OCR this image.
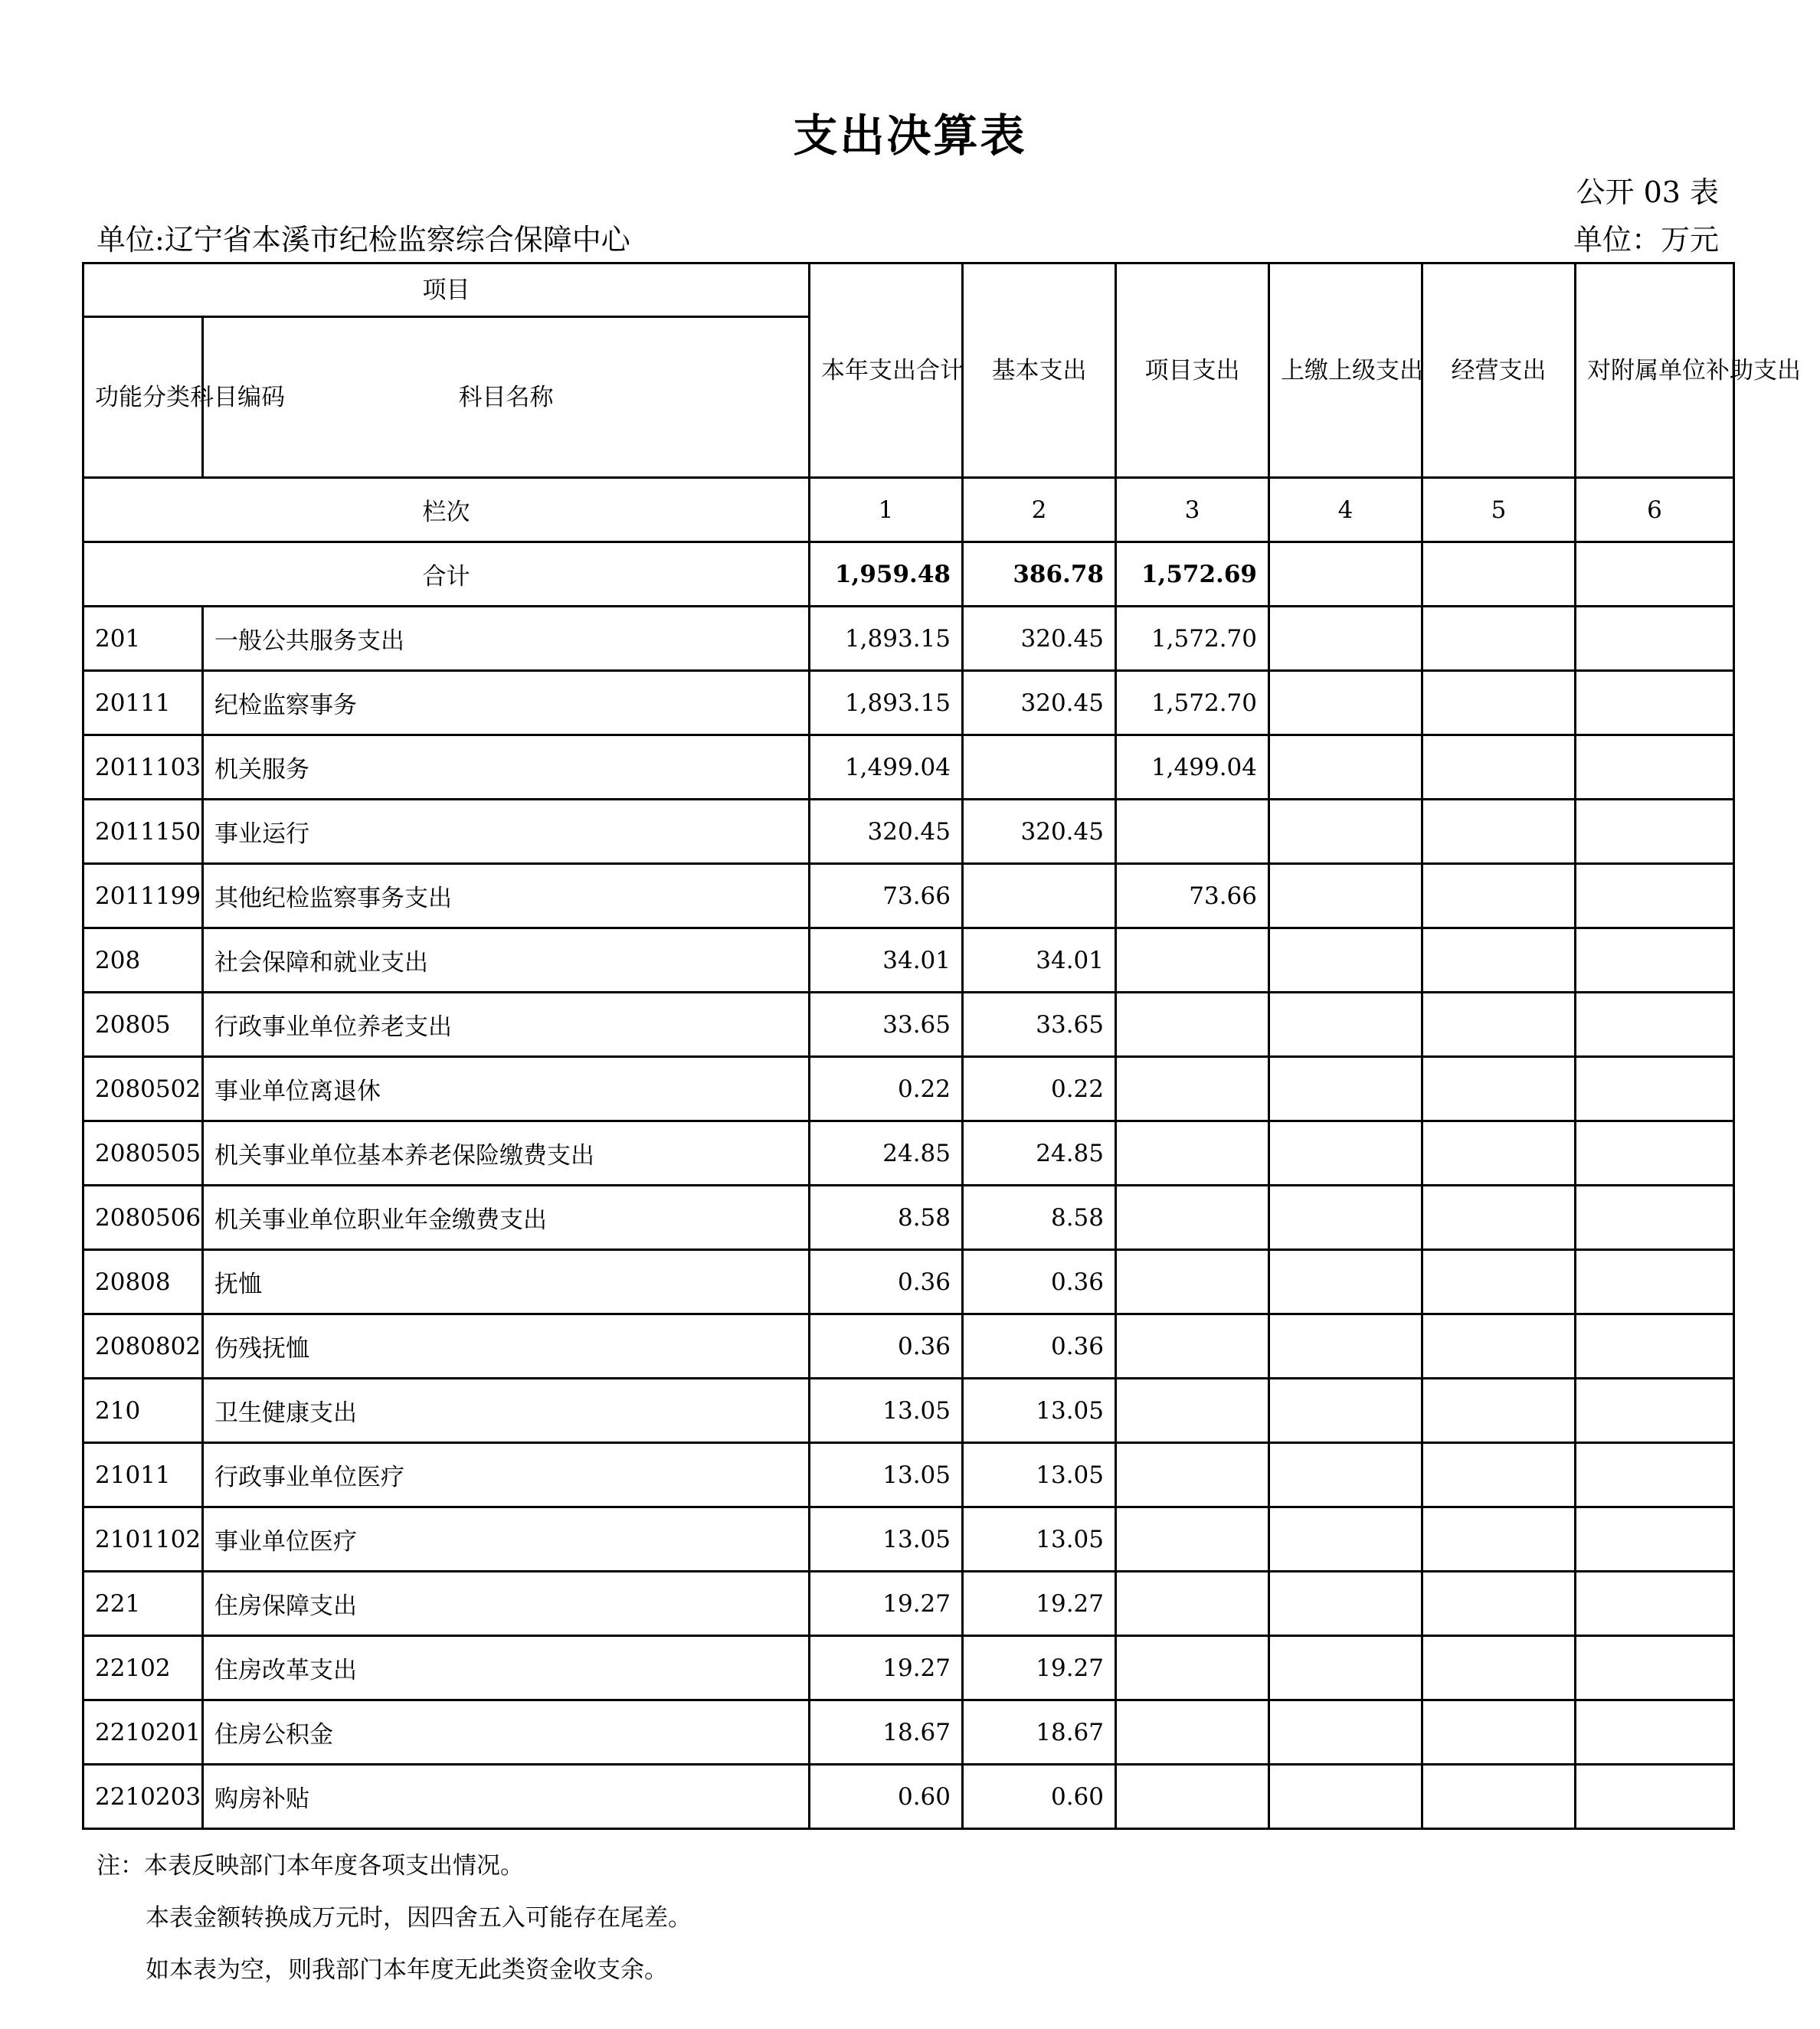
支出决算表
公开 03 表
单位:辽宁省本溪市纪检监察综合保障中心	单位：万元
项目		本年支出合计	基本支出	项目支出	上缴上级支出	经营支出	对附属单位补助支出
功能分类科目编码	科目名称						
栏次		1	2	3	4	5	6
合计		1,959.48	386.78	1,572.69			
201	一般公共服务支出	1,893.15	320.45	1,572.70			
20111	纪检监察事务	1,893.15	320.45	1,572.70			
2011103	机关服务	1,499.04		1,499.04			
2011150	事业运行	320.45	320.45				
2011199	其他纪检监察事务支出	73.66		73.66			
208	社会保障和就业支出	34.01	34.01				
20805	行政事业单位养老支出	33.65	33.65				
2080502	事业单位离退休	0.22	0.22				
2080505	机关事业单位基本养老保险缴费支出	24.85	24.85				
2080506	机关事业单位职业年金缴费支出	8.58	8.58				
20808	抚恤	0.36	0.36				
2080802	伤残抚恤	0.36	0.36				
210	卫生健康支出	13.05	13.05				
21011	行政事业单位医疗	13.05	13.05				
2101102	事业单位医疗	13.05	13.05				
221	住房保障支出	19.27	19.27				
22102	住房改革支出	19.27	19.27				
2210201	住房公积金	18.67	18.67				
2210203	购房补贴	0.60	0.60				
注：本表反映部门本年度各项支出情况。
本表金额转换成万元时，因四舍五入可能存在尾差。
如本表为空，则我部门本年度无此类资金收支余。
